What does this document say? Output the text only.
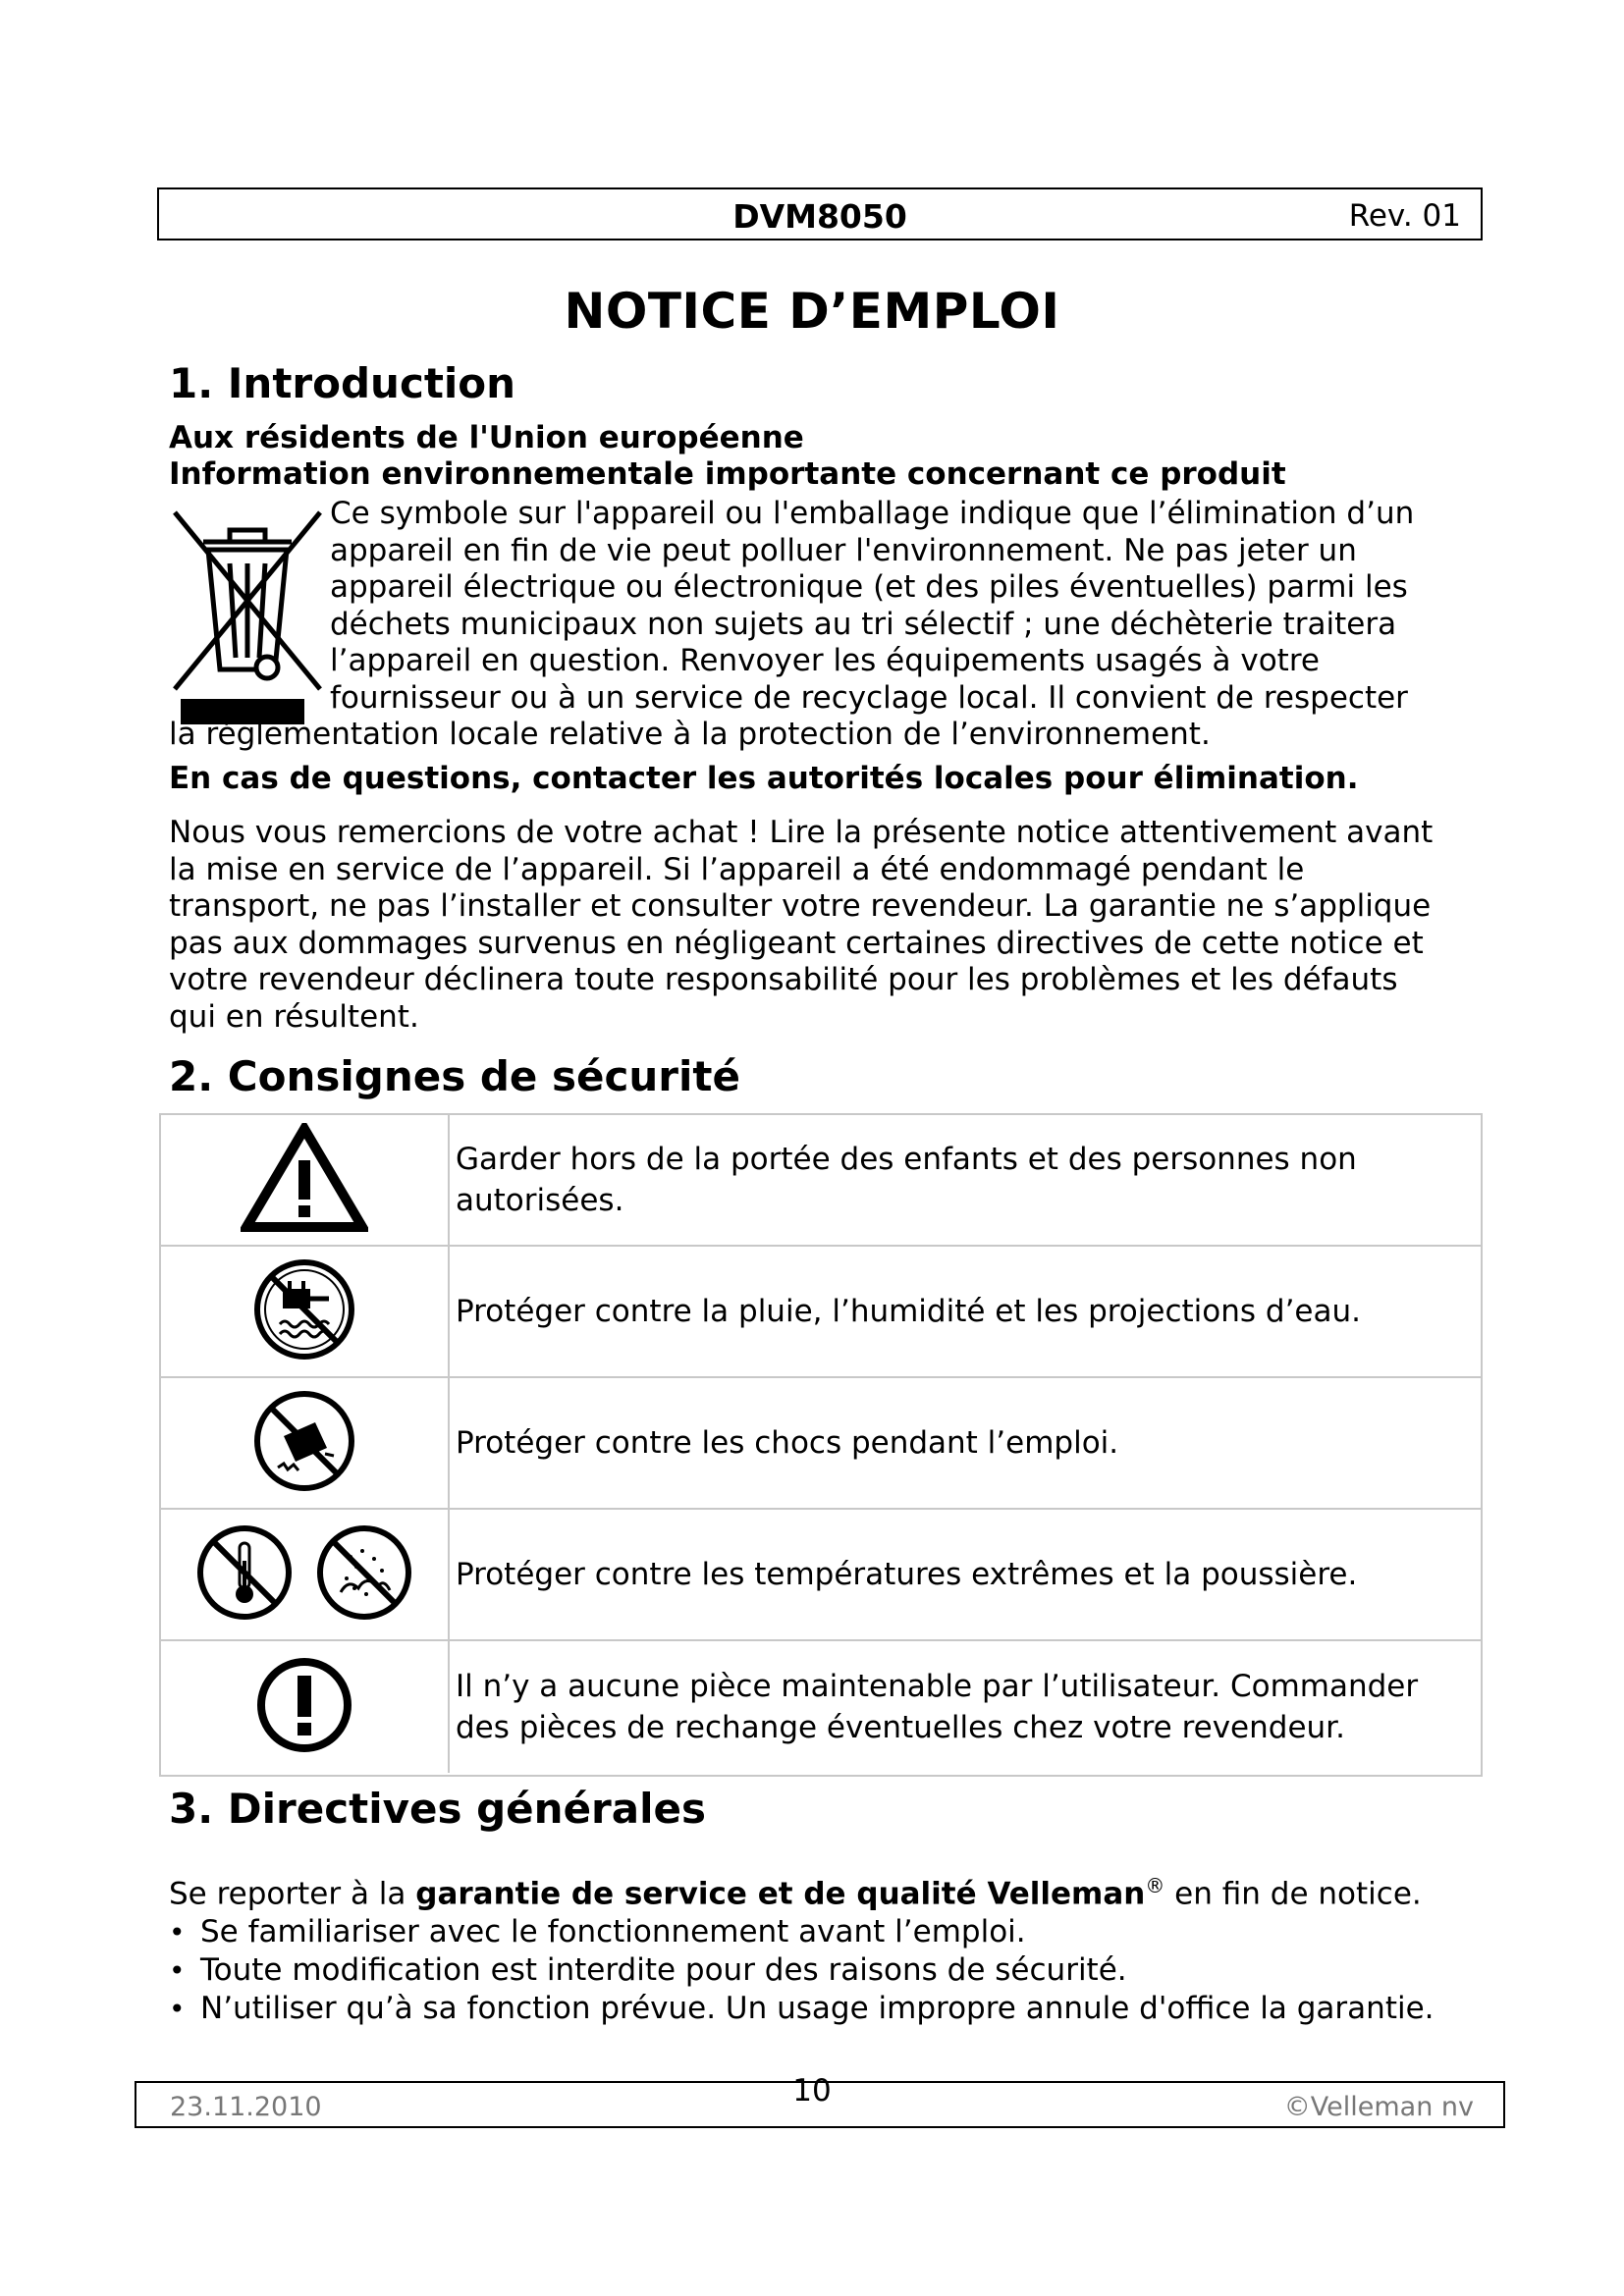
DVM8050	Rev. 01
NOTICE D’EMPLOI
1. Introduction
Aux résidents de l'Union européenne
Information environnementale importante concernant ce produit
Ce symbole sur l'appareil ou l'emballage indique que l’élimination d’un
appareil en fin de vie peut polluer l'environnement. Ne pas jeter un
appareil électrique ou électronique (et des piles éventuelles) parmi les
déchets municipaux non sujets au tri sélectif ; une déchèterie traitera
l’appareil en question. Renvoyer les équipements usagés à votre
fournisseur ou à un service de recyclage local. Il convient de respecter
la réglementation locale relative à la protection de l’environnement.
En cas de questions, contacter les autorités locales pour élimination.
Nous vous remercions de votre achat ! Lire la présente notice attentivement avant
la mise en service de l’appareil. Si l’appareil a été endommagé pendant le
transport, ne pas l’installer et consulter votre revendeur. La garantie ne s’applique
pas aux dommages survenus en négligeant certaines directives de cette notice et
votre revendeur déclinera toute responsabilité pour les problèmes et les défauts
qui en résultent.
2. Consignes de sécurité
Garder hors de la portée des enfants et des personnes non autorisées.
Protéger contre la pluie, l’humidité et les projections d’eau.
Protéger contre les chocs pendant l’emploi.
Protéger contre les températures extrêmes et la poussière.
Il n’y a aucune pièce maintenable par l’utilisateur. Commander des pièces de rechange éventuelles chez votre revendeur.
3. Directives générales
Se reporter à la garantie de service et de qualité Velleman® en fin de notice.
• Se familiariser avec le fonctionnement avant l’emploi.
• Toute modification est interdite pour des raisons de sécurité.
• N’utiliser qu’à sa fonction prévue. Un usage impropre annule d'office la garantie.
23.11.2010	©Velleman nv
10
